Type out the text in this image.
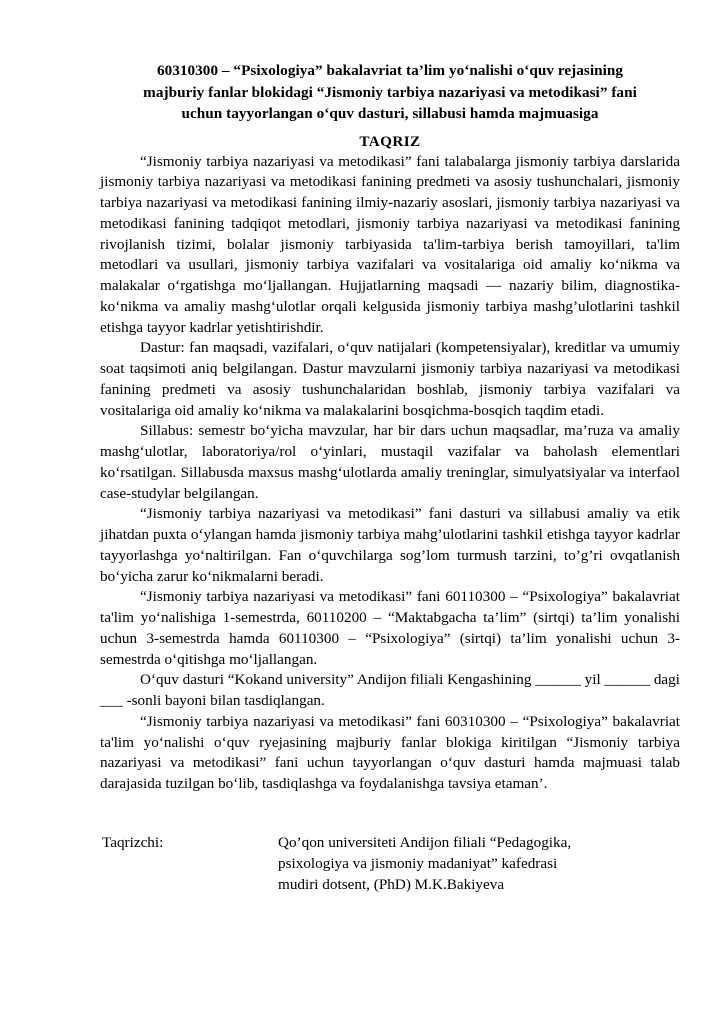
60310300 – “Psixologiya” bakalavriat ta’lim yo‘nalishi o‘quv rejasining
majburiy fanlar blokidagi “Jismoniy tarbiya nazariyasi va metodikasi” fani
uchun tayyorlangan o‘quv dasturi, sillabusi hamda majmuasiga
TAQRIZ

“Jismoniy tarbiya nazariyasi va metodikasi” fani talabalarga jismoniy tarbiya darslarida jismoniy tarbiya nazariyasi va metodikasi fanining predmeti va asosiy tushunchalari, jismoniy tarbiya nazariyasi va metodikasi fanining ilmiy-nazariy asoslari, jismoniy tarbiya nazariyasi va metodikasi fanining tadqiqot metodlari, jismoniy tarbiya nazariyasi va metodikasi fanining rivojlanish tizimi, bolalar jismoniy tarbiyasida ta'lim-tarbiya berish tamoyillari, ta'lim metodlari va usullari, jismoniy tarbiya vazifalari va vositalariga oid amaliy ko‘nikma va malakalar o‘rgatishga mo‘ljallangan. Hujjatlarning maqsadi — nazariy bilim, diagnostika-ko‘nikma va amaliy mashg‘ulotlar orqali kelgusida jismoniy tarbiya mashg’ulotlarini tashkil etishga tayyor kadrlar yetishtirishdir.

Dastur: fan maqsadi, vazifalari, o‘quv natijalari (kompetensiyalar), kreditlar va umumiy soat taqsimoti aniq belgilangan. Dastur mavzularni jismoniy tarbiya nazariyasi va metodikasi fanining predmeti va asosiy tushunchalaridan boshlab, jismoniy tarbiya vazifalari va vositalariga oid amaliy ko‘nikma va malakalarini bosqichma-bosqich taqdim etadi.

Sillabus: semestr bo‘yicha mavzular, har bir dars uchun maqsadlar, ma’ruza va amaliy mashg‘ulotlar, laboratoriya/rol o‘yinlari, mustaqil vazifalar va baholash elementlari ko‘rsatilgan. Sillabusda maxsus mashg‘ulotlarda amaliy treninglar, simulyatsiyalar va interfaol case-studylar belgilangan.

“Jismoniy tarbiya nazariyasi va metodikasi” fani dasturi va sillabusi amaliy va etik jihatdan puxta o‘ylangan hamda jismoniy tarbiya mahg’ulotlarini tashkil etishga tayyor kadrlar tayyorlashga yo‘naltirilgan. Fan o‘quvchilarga sog’lom turmush tarzini, to’g’ri ovqatlanish bo‘yicha zarur ko‘nikmalarni beradi.

“Jismoniy tarbiya nazariyasi va metodikasi” fani 60110300 – “Psixologiya” bakalavriat ta'lim yo‘nalishiga 1-semestrda, 60110200 – “Maktabgacha ta’lim” (sirtqi) ta’lim yonalishi uchun 3-semestrda hamda 60110300 – “Psixologiya” (sirtqi) ta’lim yonalishi uchun 3-semestrda o‘qitishga mo‘ljallangan.

O‘quv dasturi “Kokand university” Andijon filiali Kengashining ______ yil ______ dagi ___ -sonli bayoni bilan tasdiqlangan.

“Jismoniy tarbiya nazariyasi va metodikasi” fani 60310300 – “Psixologiya” bakalavriat ta'lim yo‘nalishi o‘quv ryejasining majburiy fanlar blokiga kiritilgan “Jismoniy tarbiya nazariyasi va metodikasi” fani uchun tayyorlangan o‘quv dasturi hamda majmuasi talab darajasida tuzilgan bo‘lib, tasdiqlashga va foydalanishga tavsiya etaman’.

Taqrizchi:	Qo’qon universiteti Andijon filiali “Pedagogika,
psixologiya va jismoniy madaniyat” kafedrasi
mudiri dotsent, (PhD) M.K.Bakiyeva
